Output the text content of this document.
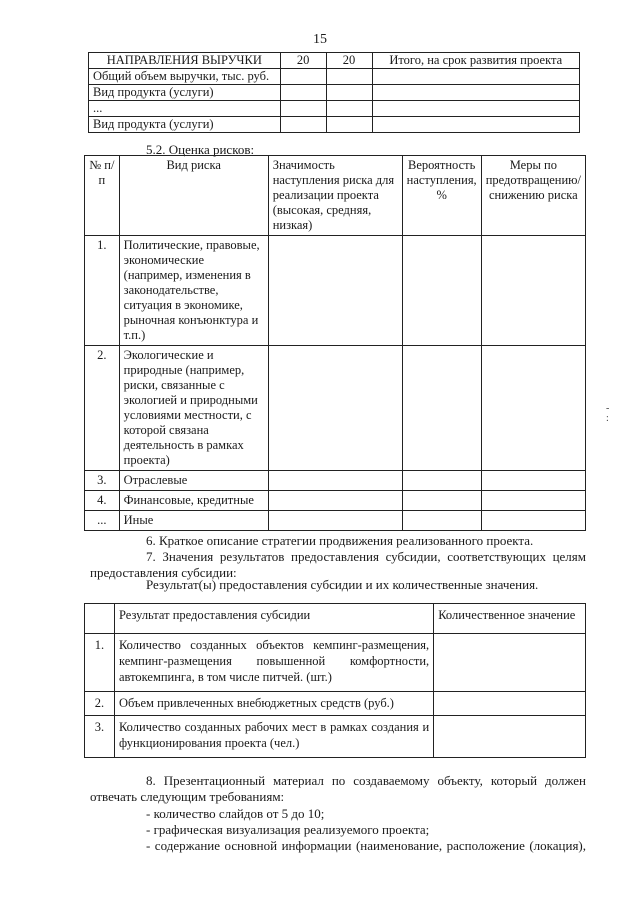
15
НАПРАВЛЕНИЯ ВЫРУЧКИ	20	20	Итого, на срок развития проекта
Общий объем выручки, тыс. руб.			
Вид продукта (услуги)			
...			
Вид продукта (услуги)			
5.2. Оценка рисков:
№ п/п	Вид риска	Значимость наступления риска для реализации проекта (высокая, средняя, низкая)	Вероятность наступления, %	Меры по предотвращению/ снижению риска
1.	Политические, правовые, экономические (например, изменения в законодательстве, ситуация в экономике, рыночная конъюнктура и т.п.)			
2.	Экологические и природные (например, риски, связанные с экологией и природными условиями местности, с которой связана деятельность в рамках проекта)			
3.	Отраслевые			
4.	Финансовые, кредитные			
...	Иные			
6. Краткое описание стратегии продвижения реализованного проекта.
7. Значения результатов предоставления субсидии, соответствующих целям предоставления субсидии:
Результат(ы) предоставления субсидии и их количественные значения.
	Результат предоставления субсидии	Количественное значение
1.	Количество созданных объектов кемпинг-размещения, кемпинг-размещения повышенной комфортности, автокемпинга, в том числе питчей. (шт.)	
2.	Объем привлеченных внебюджетных средств (руб.)	
3.	Количество созданных рабочих мест в рамках создания и функционирования проекта (чел.)	
8. Презентационный материал по создаваемому объекту, который должен отвечать следующим требованиям:
- количество слайдов от 5 до 10;
- графическая визуализация реализуемого проекта;
- содержание основной информации (наименование, расположение (локация),
-
:
